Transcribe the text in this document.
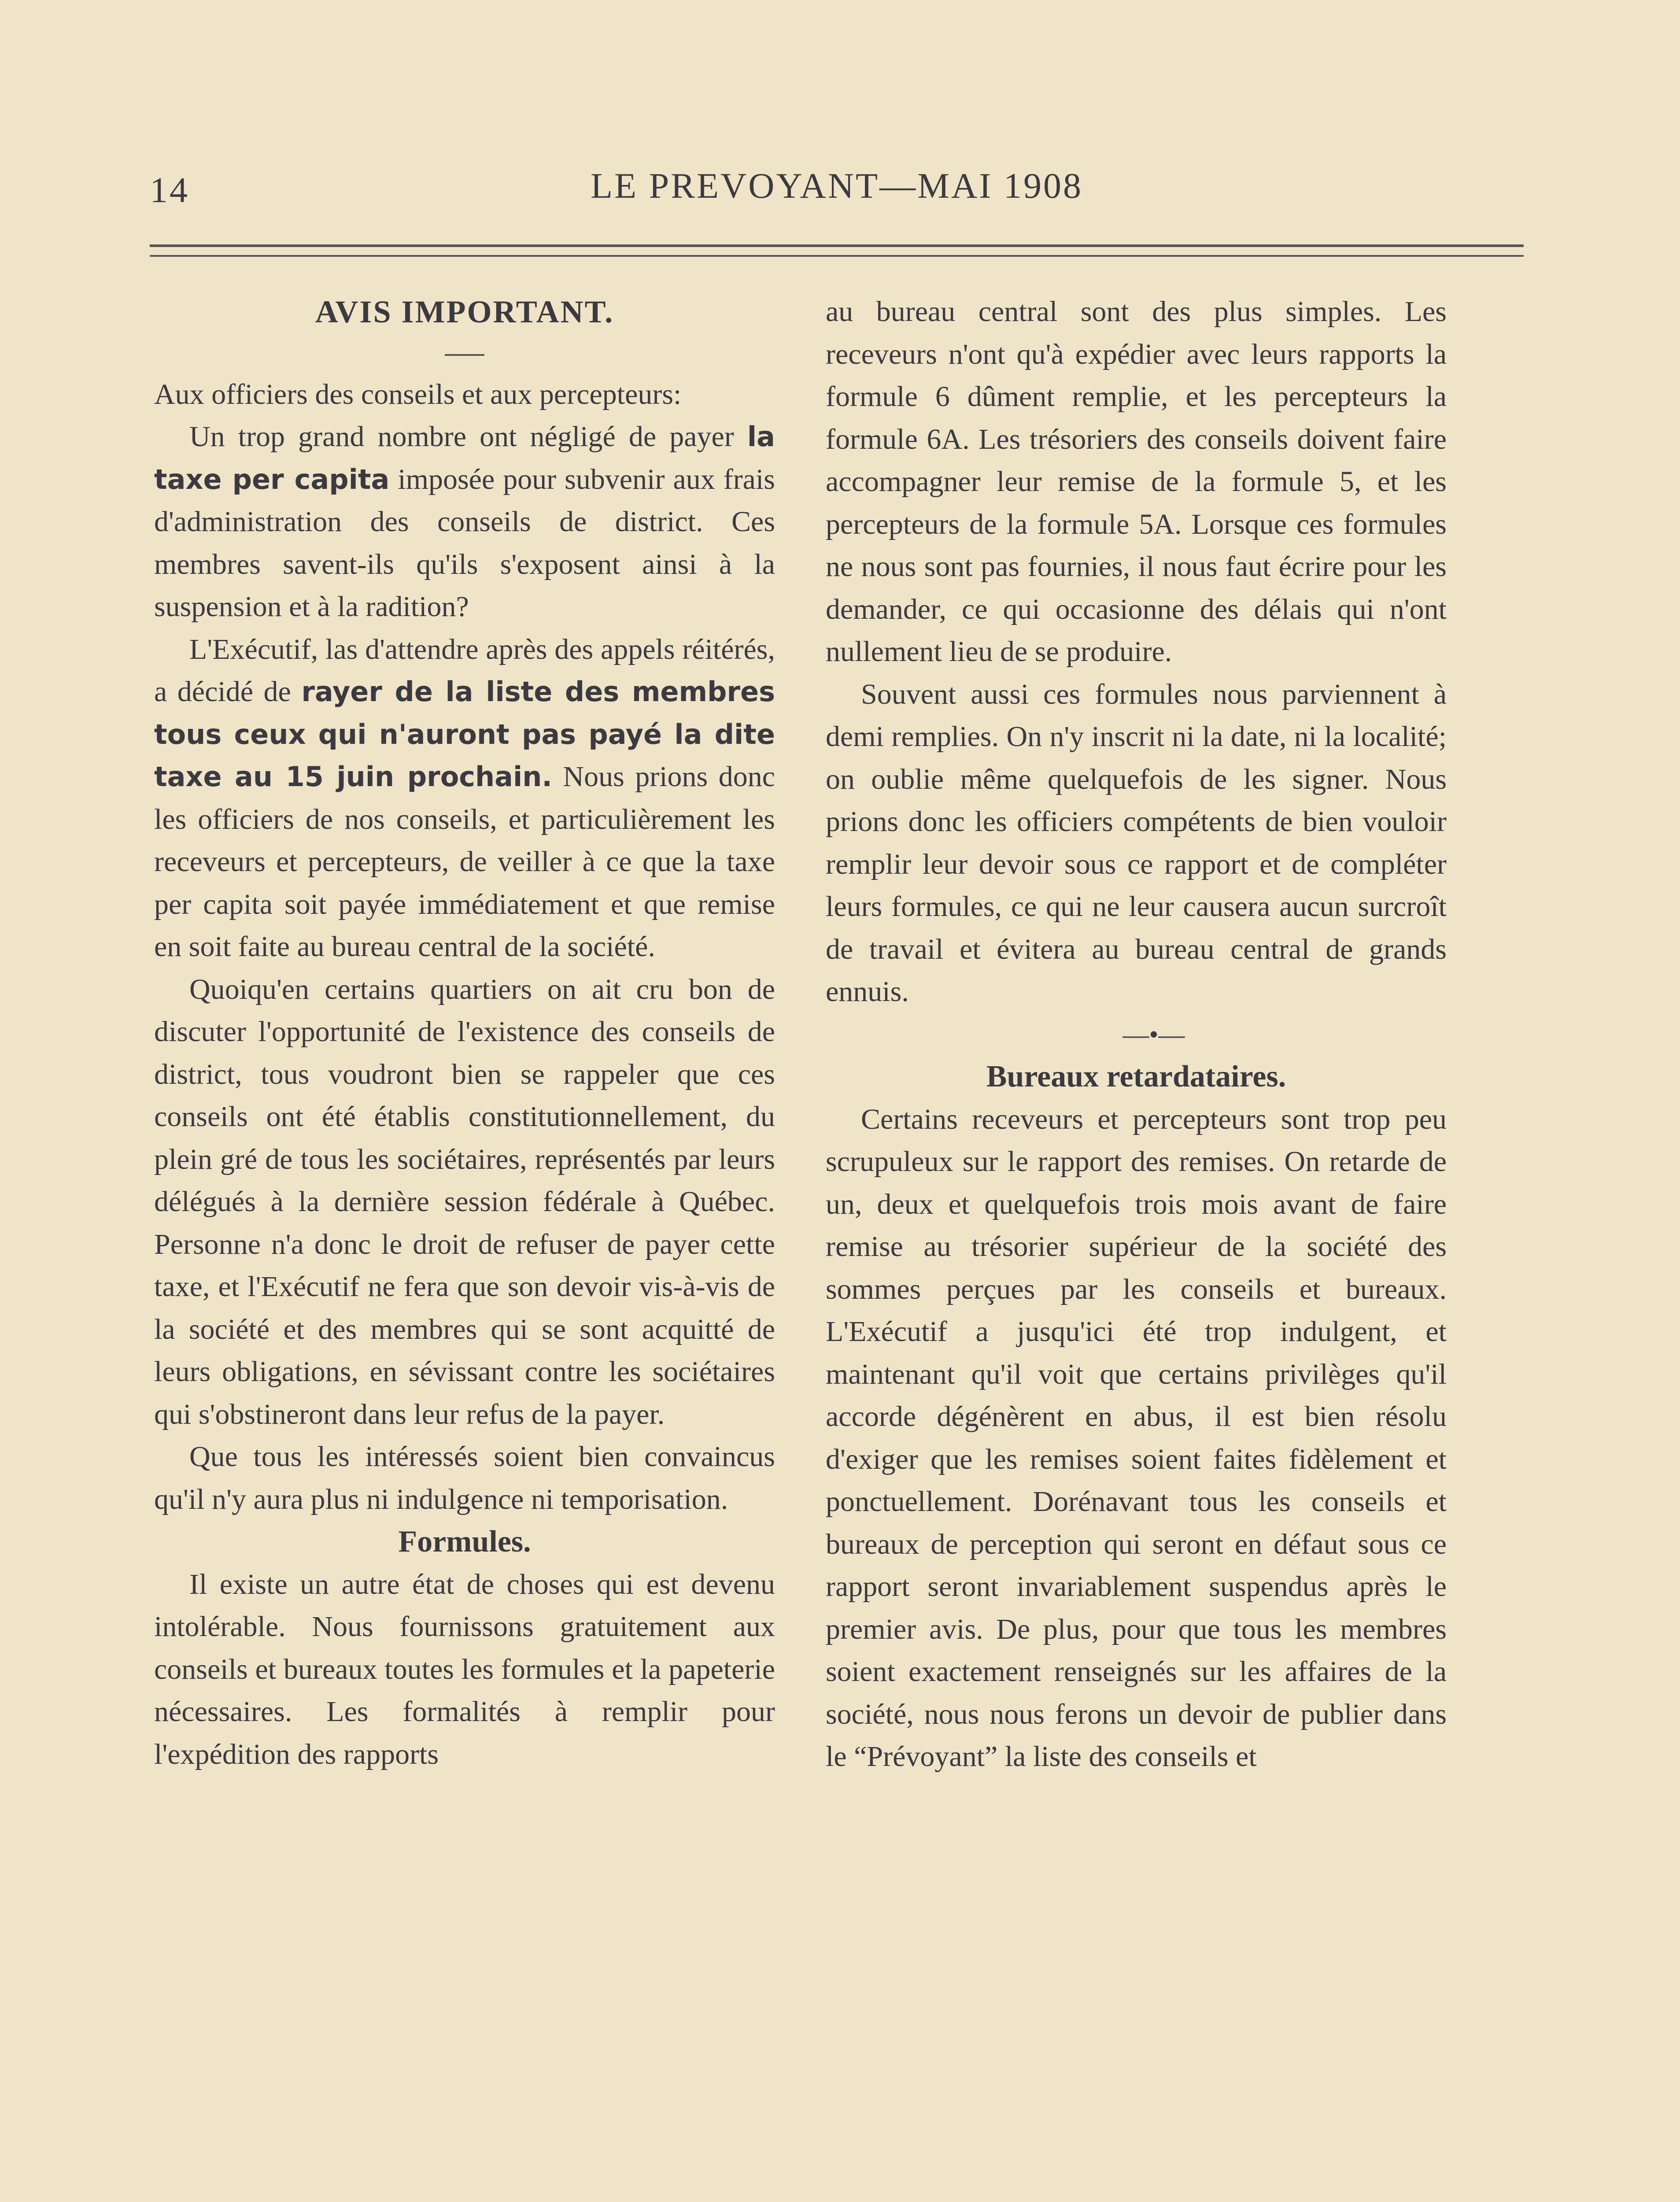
14	LE PREVOYANT—MAI 1908

AVIS IMPORTANT.

Aux officiers des conseils et aux percepteurs:

Un trop grand nombre ont négligé de payer la taxe per capita imposée pour subvenir aux frais d'administration des conseils de district. Ces membres savent-ils qu'ils s'exposent ainsi à la suspension et à la radition?

L'Exécutif, las d'attendre après des appels réitérés, a décidé de rayer de la liste des membres tous ceux qui n'auront pas payé la dite taxe au 15 juin prochain. Nous prions donc les officiers de nos conseils, et particulièrement les receveurs et percepteurs, de veiller à ce que la taxe per capita soit payée immédiatement et que remise en soit faite au bureau central de la société.

Quoiqu'en certains quartiers on ait cru bon de discuter l'opportunité de l'existence des conseils de district, tous voudront bien se rappeler que ces conseils ont été établis constitutionnellement, du plein gré de tous les sociétaires, représentés par leurs délégués à la dernière session fédérale à Québec. Personne n'a donc le droit de refuser de payer cette taxe, et l'Exécutif ne fera que son devoir vis-à-vis de la société et des membres qui se sont acquitté de leurs obligations, en sévissant contre les sociétaires qui s'obstineront dans leur refus de la payer.

Que tous les intéressés soient bien convaincus qu'il n'y aura plus ni indulgence ni temporisation.

Formules.

Il existe un autre état de choses qui est devenu intolérable. Nous fournissons gratuitement aux conseils et bureaux toutes les formules et la papeterie nécessaires. Les formalités à remplir pour l'expédition des rapports

au bureau central sont des plus simples. Les receveurs n'ont qu'à expédier avec leurs rapports la formule 6 dûment remplie, et les percepteurs la formule 6A. Les trésoriers des conseils doivent faire accompagner leur remise de la formule 5, et les percepteurs de la formule 5A. Lorsque ces formules ne nous sont pas fournies, il nous faut écrire pour les demander, ce qui occasionne des délais qui n'ont nullement lieu de se produire.

Souvent aussi ces formules nous parviennent à demi remplies. On n'y inscrit ni la date, ni la localité; on oublie même quelquefois de les signer. Nous prions donc les officiers compétents de bien vouloir remplir leur devoir sous ce rapport et de compléter leurs formules, ce qui ne leur causera aucun surcroît de travail et évitera au bureau central de grands ennuis.

—•—

Bureaux retardataires.

Certains receveurs et percepteurs sont trop peu scrupuleux sur le rapport des remises. On retarde de un, deux et quelquefois trois mois avant de faire remise au trésorier supérieur de la société des sommes perçues par les conseils et bureaux. L'Exécutif a jusqu'ici été trop indulgent, et maintenant qu'il voit que certains privilèges qu'il accorde dégénèrent en abus, il est bien résolu d'exiger que les remises soient faites fidèlement et ponctuellement. Dorénavant tous les conseils et bureaux de perception qui seront en défaut sous ce rapport seront invariablement suspendus après le premier avis. De plus, pour que tous les membres soient exactement renseignés sur les affaires de la société, nous nous ferons un devoir de publier dans le “Prévoyant” la liste des conseils et
